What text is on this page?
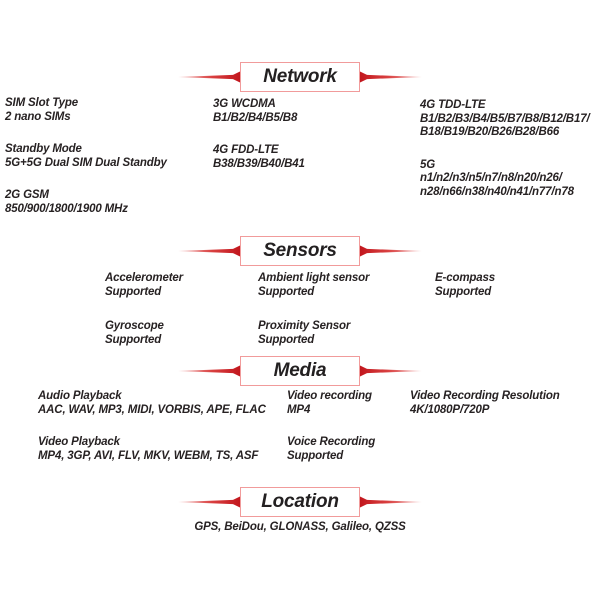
Network
SIM Slot Type
2 nano SIMs
Standby Mode
5G+5G Dual SIM Dual Standby
2G GSM
850/900/1800/1900 MHz
3G WCDMA
B1/B2/B4/B5/B8
4G FDD-LTE
B38/B39/B40/B41
4G TDD-LTE
B1/B2/B3/B4/B5/B7/B8/B12/B17/
B18/B19/B20/B26/B28/B66
5G
n1/n2/n3/n5/n7/n8/n20/n26/
n28/n66/n38/n40/n41/n77/n78
Sensors
Accelerometer
Supported
Gyroscope
Supported
Ambient light sensor
Supported
Proximity Sensor
Supported
E-compass
Supported
Media
Audio Playback
AAC, WAV, MP3, MIDI, VORBIS, APE, FLAC
Video Playback
MP4, 3GP, AVI, FLV, MKV, WEBM, TS, ASF
Video recording
MP4
Voice Recording
Supported
Video Recording Resolution
4K/1080P/720P
Location
GPS, BeiDou, GLONASS, Galileo, QZSS
